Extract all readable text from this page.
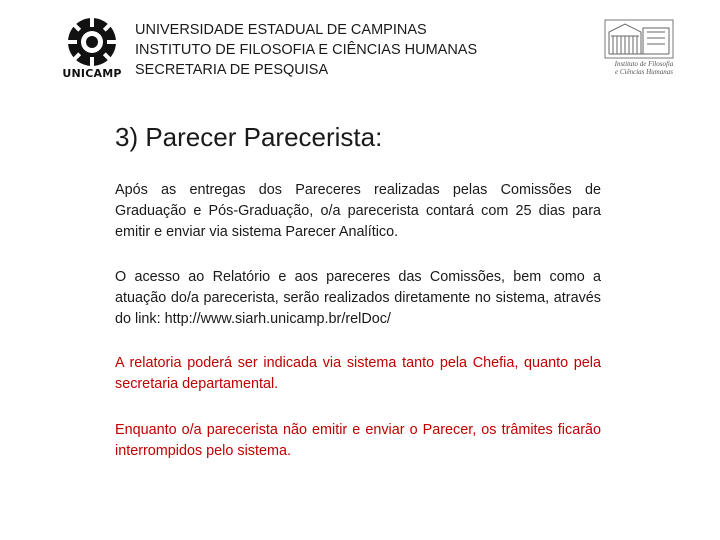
UNICAMP
UNIVERSIDADE ESTADUAL DE CAMPINAS
INSTITUTO DE FILOSOFIA E CIÊNCIAS HUMANAS
SECRETARIA DE PESQUISA	Instituto de Filosofia e Ciências Humanas
3) Parecer Parecerista:

Após as entregas dos Pareceres realizadas pelas Comissões de Graduação e Pós-Graduação, o/a parecerista contará com 25 dias para emitir e enviar via sistema Parecer Analítico.

O acesso ao Relatório e aos pareceres das Comissões, bem como a atuação do/a parecerista, serão realizados diretamente no sistema, através do link: http://www.siarh.unicamp.br/relDoc/

A relatoria poderá ser indicada via sistema tanto pela Chefia, quanto pela secretaria departamental.

Enquanto o/a parecerista não emitir e enviar o Parecer, os trâmites ficarão interrompidos pelo sistema.
